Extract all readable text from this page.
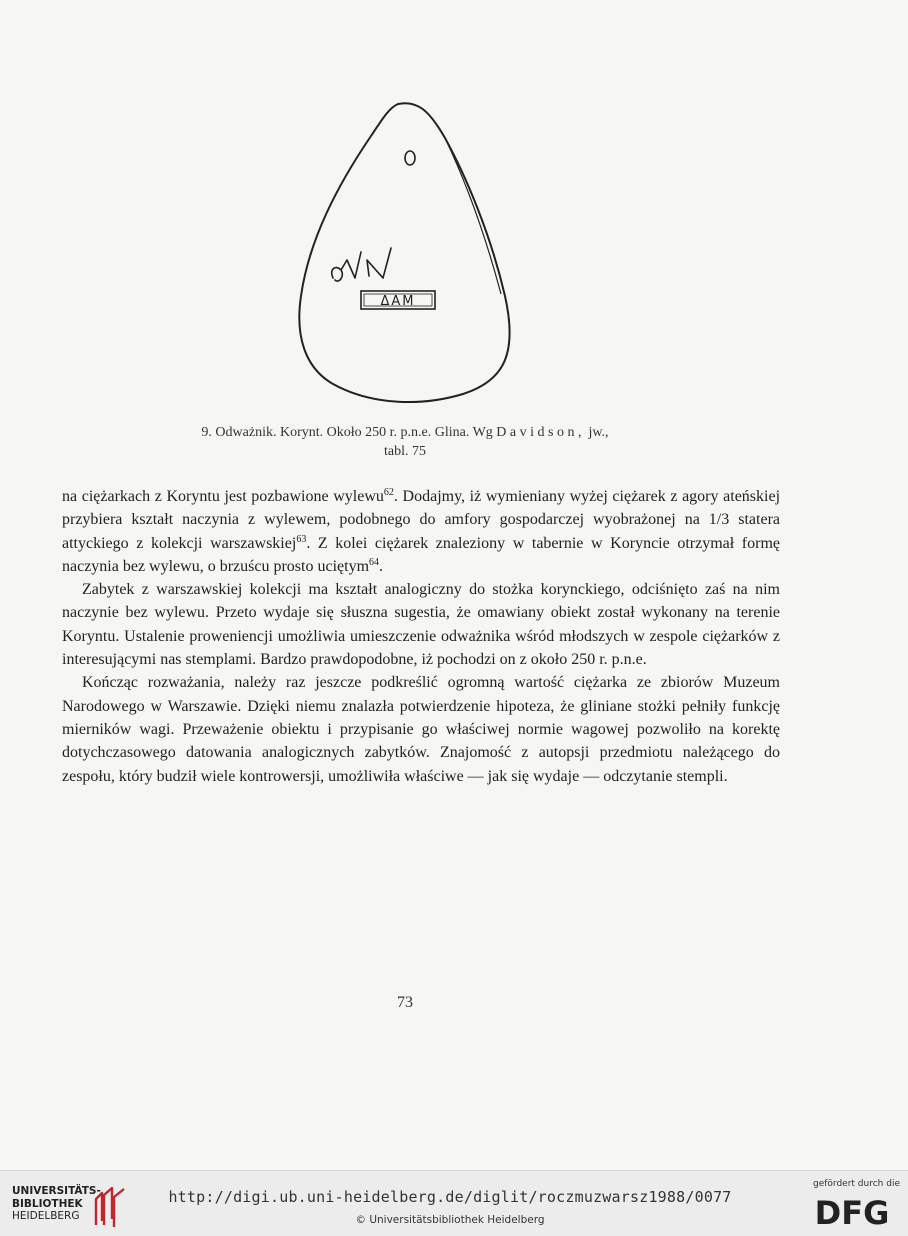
ΔAM
9. Odważnik. Korynt. Około 250 r. p.n.e. Glina. Wg Davidson, jw.,
tabl. 75

na ciężarkach z Koryntu jest pozbawione wylewu$^{62}$. Dodajmy, iż wymieniany wyżej ciężarek z agory ateńskiej przybiera kształt naczynia z wylewem, podobnego do amfory gospodarczej wyobrażonej na 1/3 statera attyckiego z kolekcji warszawskiej$^{63}$. Z kolei ciężarek znaleziony w tabernie w Koryncie otrzymał formę naczynia bez wylewu, o brzuścu prosto uciętym$^{64}$.

Zabytek z warszawskiej kolekcji ma kształt analogiczny do stożka korynckiego, odciśnięto zaś na nim naczynie bez wylewu. Przeto wydaje się słuszna sugestia, że omawiany obiekt został wykonany na terenie Koryntu. Ustalenie proweniencji umożliwia umieszczenie odważnika wśród młodszych w zespole ciężarków z interesującymi nas stemplami. Bardzo prawdopodobne, iż pochodzi on z około 250 r. p.n.e.

Kończąc rozważania, należy raz jeszcze podkreślić ogromną wartość ciężarka ze zbiorów Muzeum Narodowego w Warszawie. Dzięki niemu znalazła potwierdzenie hipoteza, że gliniane stożki pełniły funkcję mierników wagi. Przeważenie obiektu i przypisanie go właściwej normie wagowej pozwoliło na korektę dotychczasowego datowania analogicznych zabytków. Znajomość z autopsji przedmiotu należącego do zespołu, który budził wiele kontrowersji, umożliwiła właściwe — jak się wydaje — odczytanie stempli.

73
UNIVERSITÄTS-
BIBLIOTHEK
HEIDELBERG
http://digi.ub.uni-heidelberg.de/diglit/roczmuzwarsz1988/0077
© Universitätsbibliothek Heidelberg
gefördert durch die
DFG
